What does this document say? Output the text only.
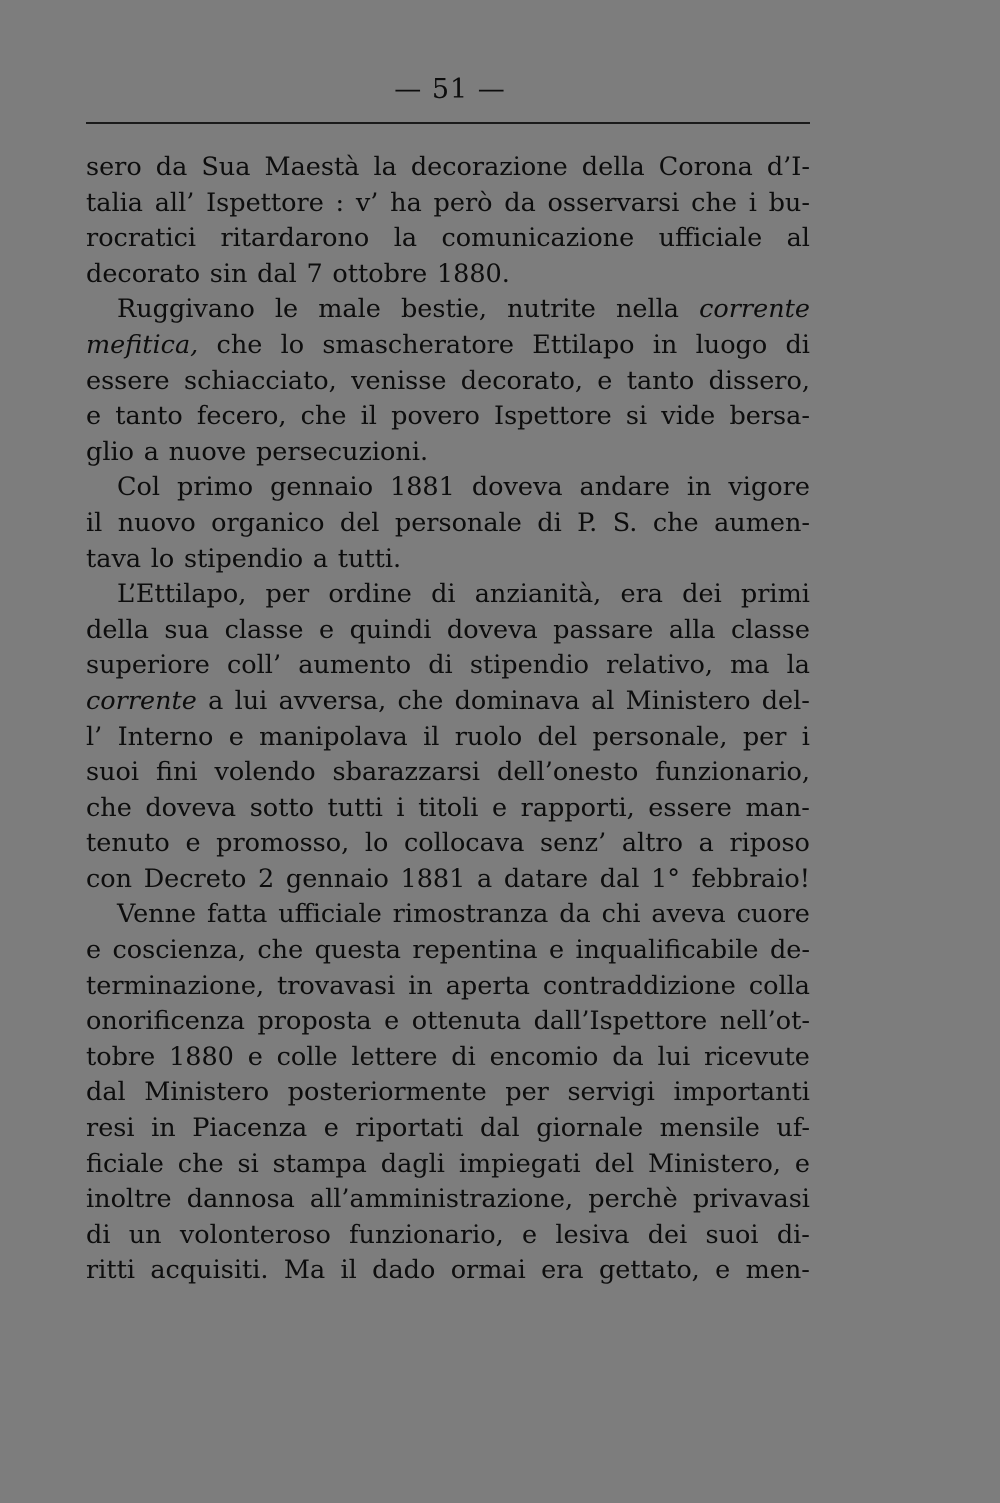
— 51 —
sero da Sua Maestà la decorazione della Corona d’I-
talia all’ Ispettore : v’ ha però da osservarsi che i bu-
rocratici ritardarono la comunicazione ufficiale al
decorato sin dal 7 ottobre 1880.
Ruggivano le male bestie, nutrite nella corrente
mefitica, che lo smascheratore Ettilapo in luogo di
essere schiacciato, venisse decorato, e tanto dissero,
e tanto fecero, che il povero Ispettore si vide bersa-
glio a nuove persecuzioni.
Col primo gennaio 1881 doveva andare in vigore
il nuovo organico del personale di P. S. che aumen-
tava lo stipendio a tutti.
L’Ettilapo, per ordine di anzianità, era dei primi
della sua classe e quindi doveva passare alla classe
superiore coll’ aumento di stipendio relativo, ma la
corrente a lui avversa, che dominava al Ministero del-
l’ Interno e manipolava il ruolo del personale, per i
suoi fini volendo sbarazzarsi dell’onesto funzionario,
che doveva sotto tutti i titoli e rapporti, essere man-
tenuto e promosso, lo collocava senz’ altro a riposo
con Decreto 2 gennaio 1881 a datare dal 1° febbraio!
Venne fatta ufficiale rimostranza da chi aveva cuore
e coscienza, che questa repentina e inqualificabile de-
terminazione, trovavasi in aperta contraddizione colla
onorificenza proposta e ottenuta dall’Ispettore nell’ot-
tobre 1880 e colle lettere di encomio da lui ricevute
dal Ministero posteriormente per servigi importanti
resi in Piacenza e riportati dal giornale mensile uf-
ficiale che si stampa dagli impiegati del Ministero, e
inoltre dannosa all’amministrazione, perchè privavasi
di un volonteroso funzionario, e lesiva dei suoi di-
ritti acquisiti. Ma il dado ormai era gettato, e men-
